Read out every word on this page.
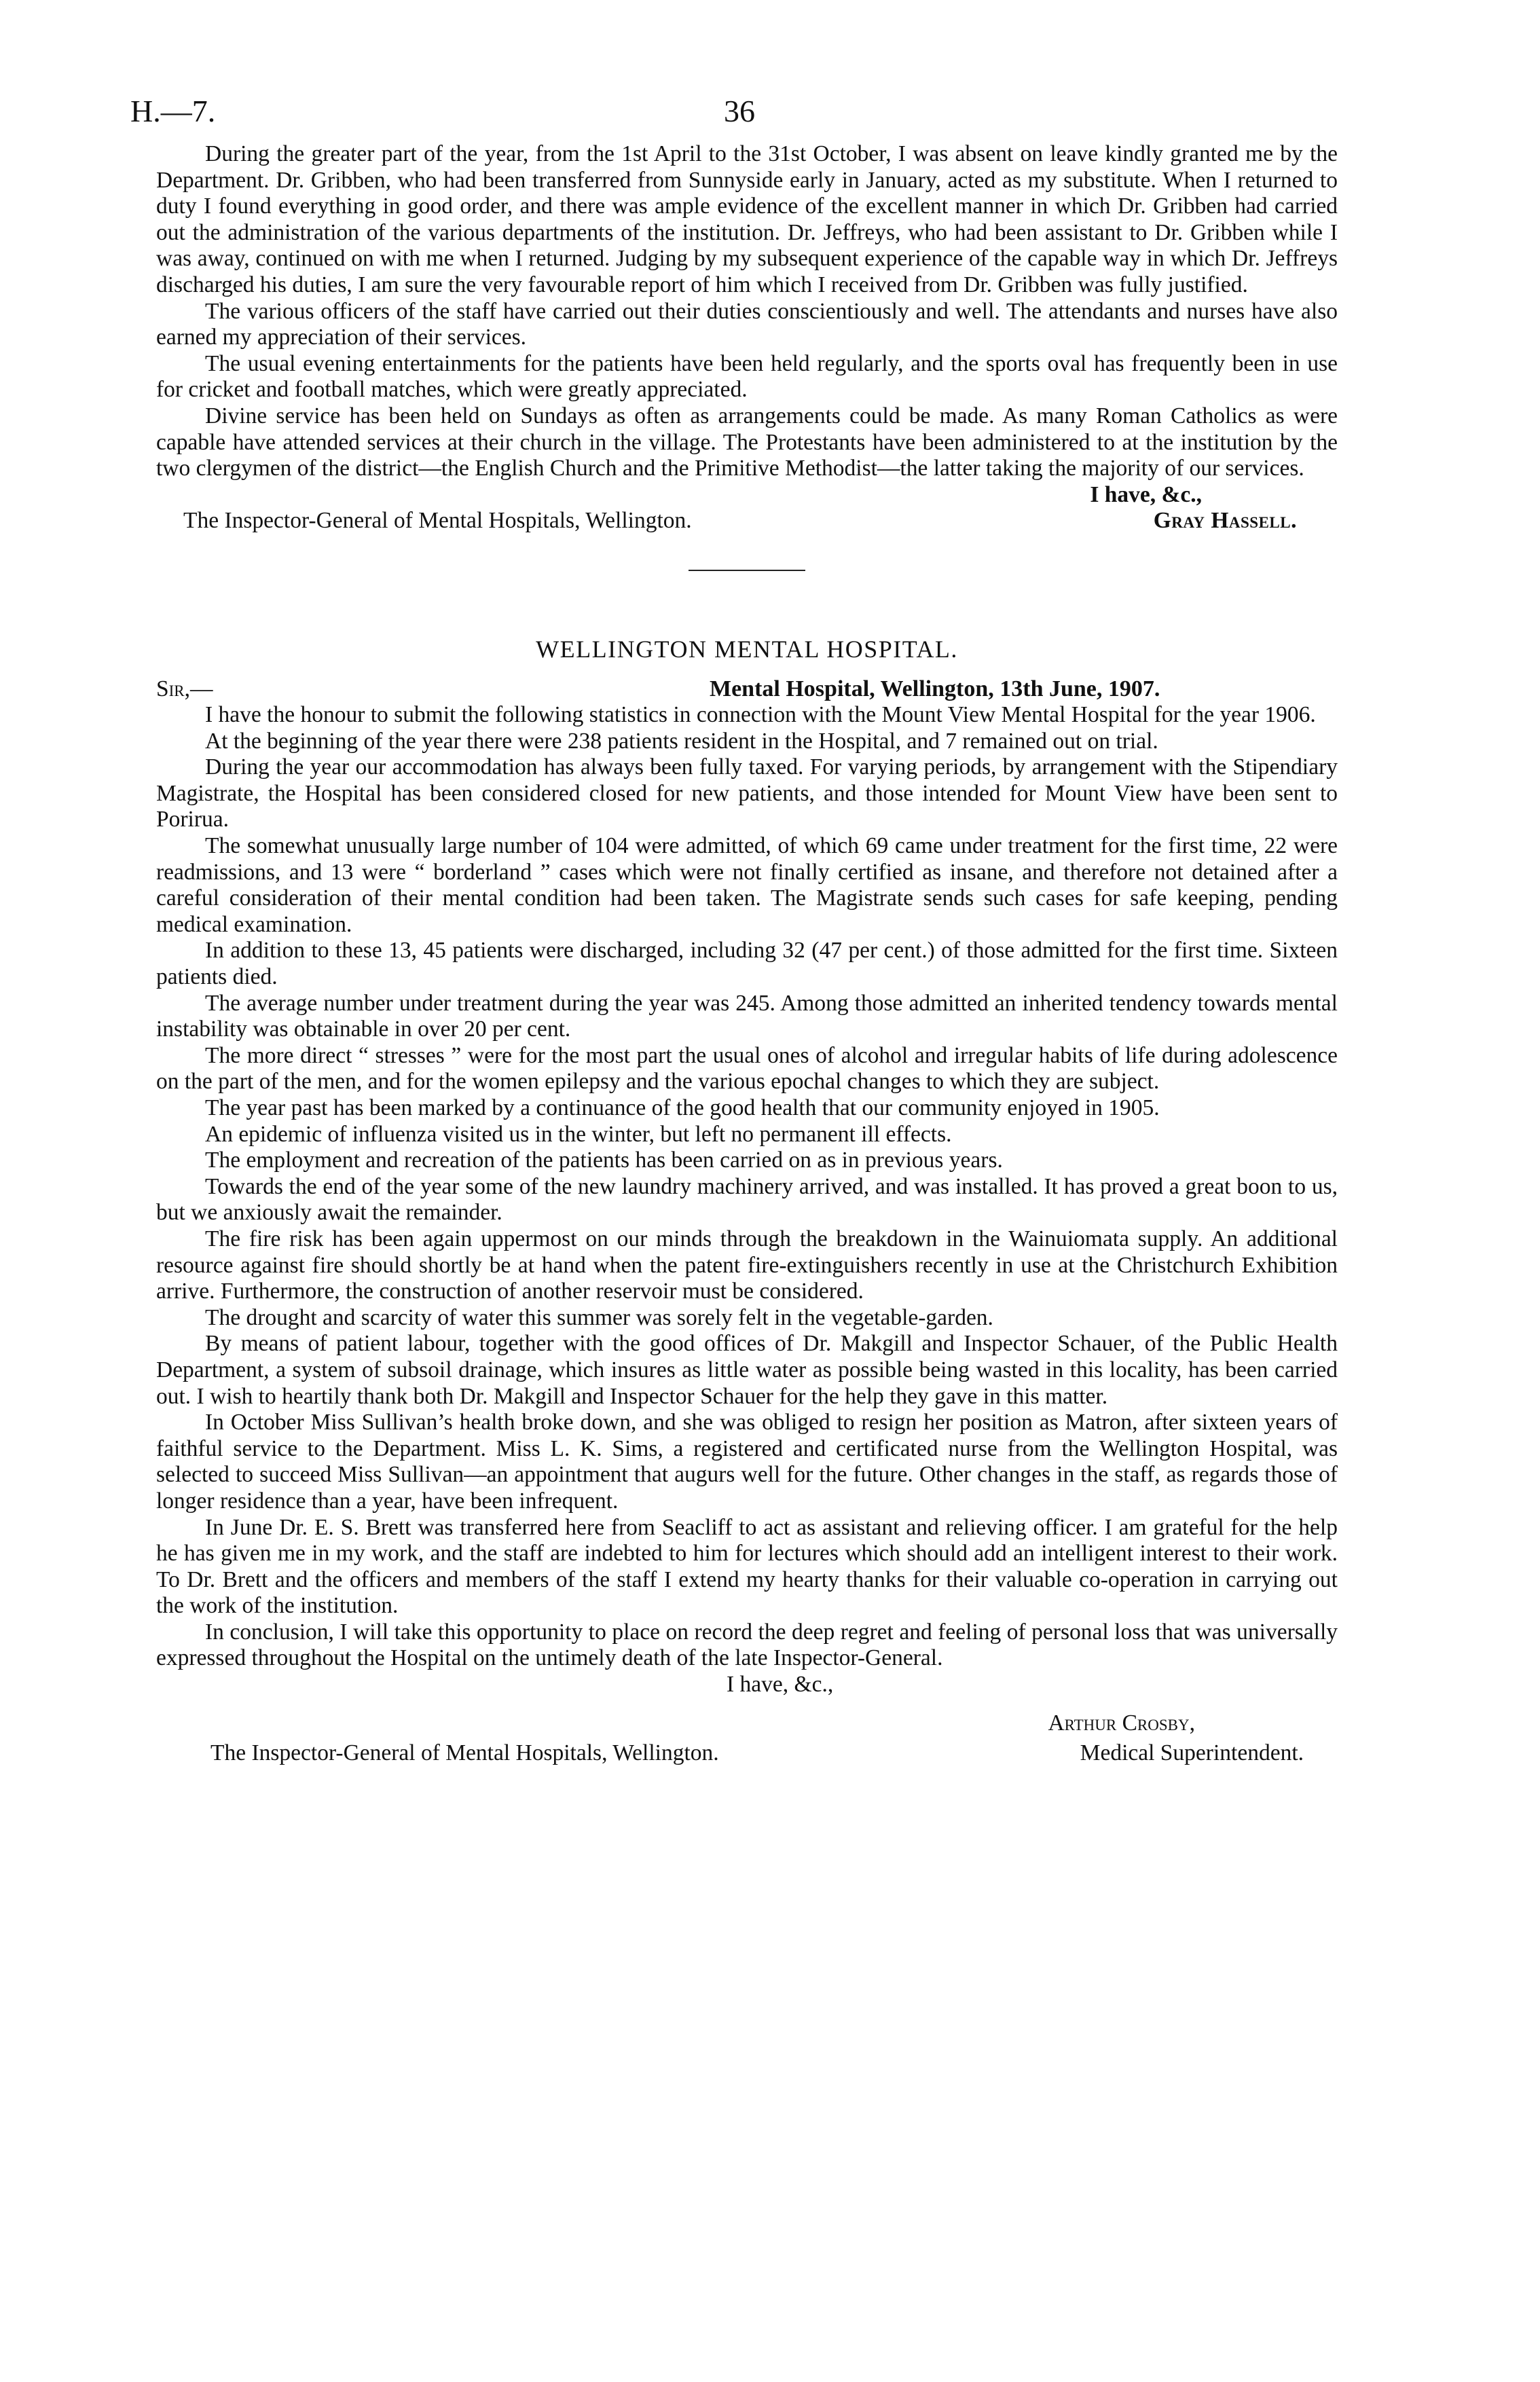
H.—7.	36

During the greater part of the year, from the 1st April to the 31st October, I was absent on leave kindly granted me by the Department. Dr. Gribben, who had been transferred from Sunnyside early in January, acted as my substitute. When I returned to duty I found everything in good order, and there was ample evidence of the excellent manner in which Dr. Gribben had carried out the administration of the various departments of the institution. Dr. Jeffreys, who had been assistant to Dr. Gribben while I was away, continued on with me when I returned. Judging by my subsequent experience of the capable way in which Dr. Jeffreys discharged his duties, I am sure the very favourable report of him which I received from Dr. Gribben was fully justified.

The various officers of the staff have carried out their duties conscientiously and well. The attendants and nurses have also earned my appreciation of their services.

The usual evening entertainments for the patients have been held regularly, and the sports oval has frequently been in use for cricket and football matches, which were greatly appreciated.

Divine service has been held on Sundays as often as arrangements could be made. As many Roman Catholics as were capable have attended services at their church in the village. The Protestants have been administered to at the institution by the two clergymen of the district—the English Church and the Primitive Methodist—the latter taking the majority of our services.

I have, &c.,
The Inspector-General of Mental Hospitals, Wellington.	Gray Hassell.
WELLINGTON MENTAL HOSPITAL.
Sir,—	Mental Hospital, Wellington, 13th June, 1907.

I have the honour to submit the following statistics in connection with the Mount View Mental Hospital for the year 1906.

At the beginning of the year there were 238 patients resident in the Hospital, and 7 remained out on trial.

During the year our accommodation has always been fully taxed. For varying periods, by arrangement with the Stipendiary Magistrate, the Hospital has been considered closed for new patients, and those intended for Mount View have been sent to Porirua.

The somewhat unusually large number of 104 were admitted, of which 69 came under treatment for the first time, 22 were readmissions, and 13 were “ borderland ” cases which were not finally certified as insane, and therefore not detained after a careful consideration of their mental condition had been taken. The Magistrate sends such cases for safe keeping, pending medical examination.

In addition to these 13, 45 patients were discharged, including 32 (47 per cent.) of those admitted for the first time. Sixteen patients died.

The average number under treatment during the year was 245. Among those admitted an inherited tendency towards mental instability was obtainable in over 20 per cent.

The more direct “ stresses ” were for the most part the usual ones of alcohol and irregular habits of life during adolescence on the part of the men, and for the women epilepsy and the various epochal changes to which they are subject.

The year past has been marked by a continuance of the good health that our community enjoyed in 1905.

An epidemic of influenza visited us in the winter, but left no permanent ill effects.

The employment and recreation of the patients has been carried on as in previous years.

Towards the end of the year some of the new laundry machinery arrived, and was installed. It has proved a great boon to us, but we anxiously await the remainder.

The fire risk has been again uppermost on our minds through the breakdown in the Wainuiomata supply. An additional resource against fire should shortly be at hand when the patent fire-extinguishers recently in use at the Christchurch Exhibition arrive. Furthermore, the construction of another reservoir must be considered.

The drought and scarcity of water this summer was sorely felt in the vegetable-garden.

By means of patient labour, together with the good offices of Dr. Makgill and Inspector Schauer, of the Public Health Department, a system of subsoil drainage, which insures as little water as possible being wasted in this locality, has been carried out. I wish to heartily thank both Dr. Makgill and Inspector Schauer for the help they gave in this matter.

In October Miss Sullivan’s health broke down, and she was obliged to resign her position as Matron, after sixteen years of faithful service to the Department. Miss L. K. Sims, a registered and certificated nurse from the Wellington Hospital, was selected to succeed Miss Sullivan—an appointment that augurs well for the future. Other changes in the staff, as regards those of longer residence than a year, have been infrequent.

In June Dr. E. S. Brett was transferred here from Seacliff to act as assistant and relieving officer. I am grateful for the help he has given me in my work, and the staff are indebted to him for lectures which should add an intelligent interest to their work. To Dr. Brett and the officers and members of the staff I extend my hearty thanks for their valuable co-operation in carrying out the work of the institution.

In conclusion, I will take this opportunity to place on record the deep regret and feeling of personal loss that was universally expressed throughout the Hospital on the untimely death of the late Inspector-General.

I have, &c.,
Arthur Crosby,
The Inspector-General of Mental Hospitals, Wellington.	Medical Superintendent.
